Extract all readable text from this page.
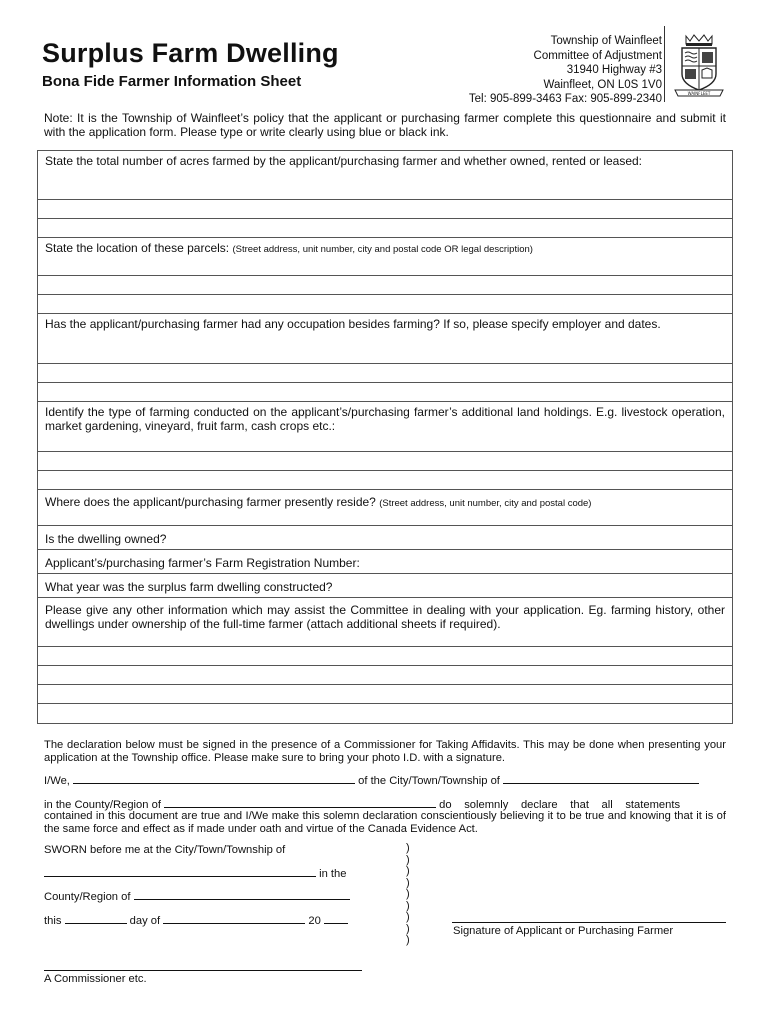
Surplus Farm Dwelling
Bona Fide Farmer Information Sheet
Township of Wainfleet
Committee of Adjustment
31940 Highway #3
Wainfleet, ON L0S 1V0
Tel: 905-899-3463 Fax: 905-899-2340	WAINFLEET
Note: It is the Township of Wainfleet’s policy that the applicant or purchasing farmer complete this questionnaire and submit it with the application form. Please type or write clearly using blue or black ink.
State the total number of acres farmed by the applicant/purchasing farmer and whether owned, rented or leased:
State the location of these parcels: (Street address, unit number, city and postal code OR legal description)
Has the applicant/purchasing farmer had any occupation besides farming? If so, please specify employer and dates.
Identify the type of farming conducted on the applicant’s/purchasing farmer’s additional land holdings. E.g. livestock operation, market gardening, vineyard, fruit farm, cash crops etc.:
Where does the applicant/purchasing farmer presently reside? (Street address, unit number, city and postal code)
Is the dwelling owned?
Applicant’s/purchasing farmer’s Farm Registration Number:
What year was the surplus farm dwelling constructed?
Please give any other information which may assist the Committee in dealing with your application. Eg. farming history, other dwellings under ownership of the full-time farmer (attach additional sheets if required).
The declaration below must be signed in the presence of a Commissioner for Taking Affidavits. This may be done when presenting your application at the Township office. Please make sure to bring your photo I.D. with a signature.
I/We,	of the City/Town/Township of
in the County/Region of	do solemnly declare that all statements
contained in this document are true and I/We make this solemn declaration conscientiously believing it to be true and knowing that it is of the same force and effect as if made under oath and virtue of the Canada Evidence Act.
SWORN before me at the City/Town/Township of
in the
County/Region of
this	day of	20
)
)
)
)
)
)
)
)
)
Signature of Applicant or Purchasing Farmer
A Commissioner etc.
